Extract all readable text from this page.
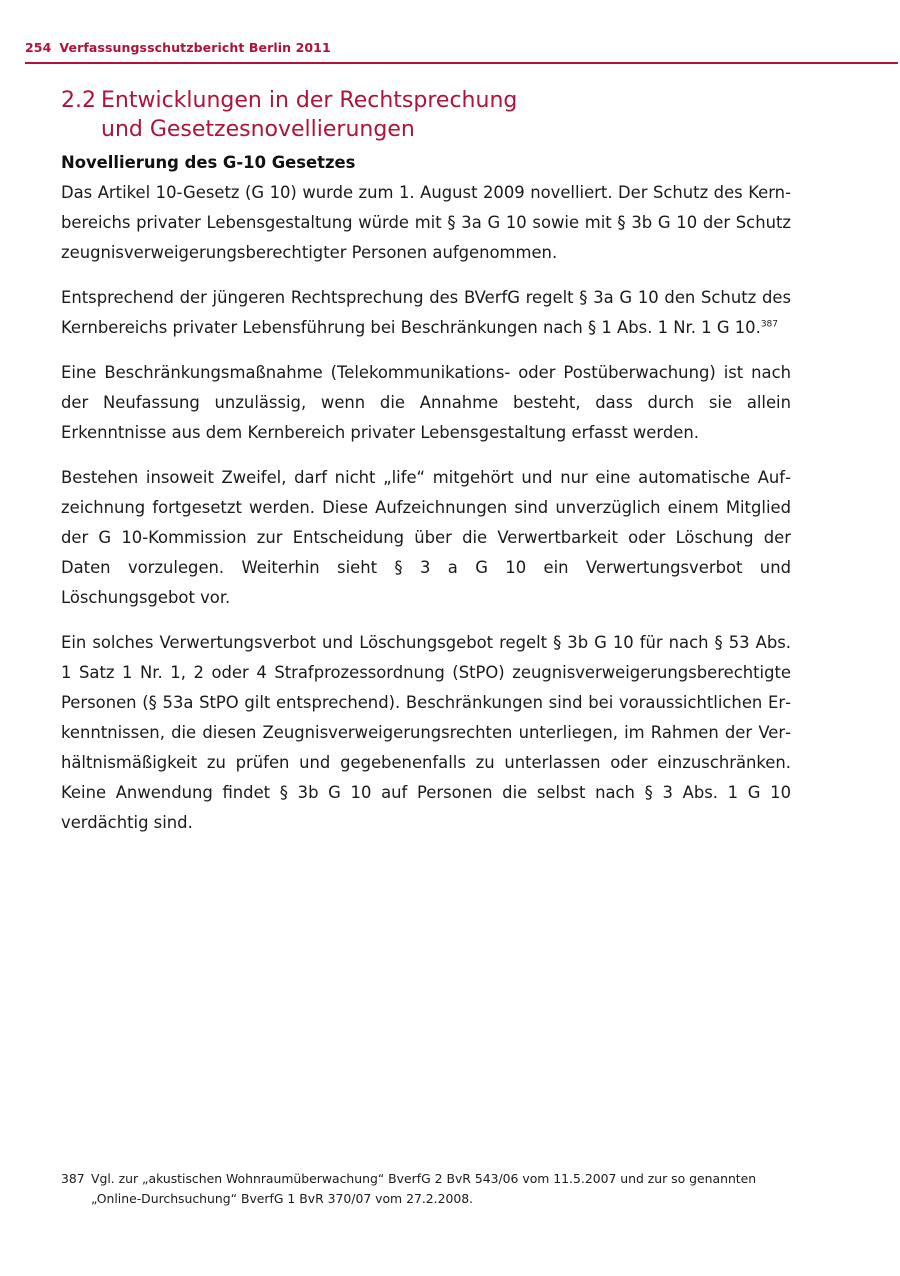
254 Verfassungsschutzbericht Berlin 2011
2.2 Entwicklungen in der Rechtsprechung
und Gesetzesnovellierungen
Novellierung des G-10 Gesetzes

Das Artikel 10-Gesetz (G 10) wurde zum 1. August 2009 novelliert. Der Schutz des Kernbereichs privater Lebensgestaltung würde mit § 3a G 10 sowie mit § 3b G 10 der Schutz zeugnisverweigerungsberechtigter Personen aufgenommen.

Entsprechend der jüngeren Rechtsprechung des BVerfG regelt § 3a G 10 den Schutz des Kernbereichs privater Lebensführung bei Beschränkungen nach § 1 Abs. 1 Nr. 1 G 10.$^{387}$

Eine Beschränkungsmaßnahme (Telekommunikations- oder Postüberwachung) ist nach der Neufassung unzulässig, wenn die Annahme besteht, dass durch sie allein Erkenntnisse aus dem Kernbereich privater Lebensgestaltung erfasst werden.

Bestehen insoweit Zweifel, darf nicht „life“ mitgehört und nur eine automatische Aufzeichnung fortgesetzt werden. Diese Aufzeichnungen sind unverzüglich einem Mitglied der G 10-Kommission zur Entscheidung über die Verwertbarkeit oder Löschung der Daten vorzulegen. Weiterhin sieht § 3 a G 10 ein Verwertungsverbot und Löschungsgebot vor.

Ein solches Verwertungsverbot und Löschungsgebot regelt § 3b G 10 für nach § 53 Abs. 1 Satz 1 Nr. 1, 2 oder 4 Strafprozessordnung (StPO) zeugnisverweigerungsberechtigte Personen (§ 53a StPO gilt entsprechend). Beschränkungen sind bei voraussichtlichen Erkenntnissen, die diesen Zeugnisverweigerungsrechten unterliegen, im Rahmen der Verhältnismäßigkeit zu prüfen und gegebenenfalls zu unterlassen oder einzuschränken. Keine Anwendung findet § 3b G 10 auf Personen die selbst nach § 3 Abs. 1 G 10 verdächtig sind.

387 Vgl. zur „akustischen Wohnraumüberwachung“ BverfG 2 BvR 543/06 vom 11.5.2007 und zur so genannten „Online-Durchsuchung“ BverfG 1 BvR 370/07 vom 27.2.2008.
